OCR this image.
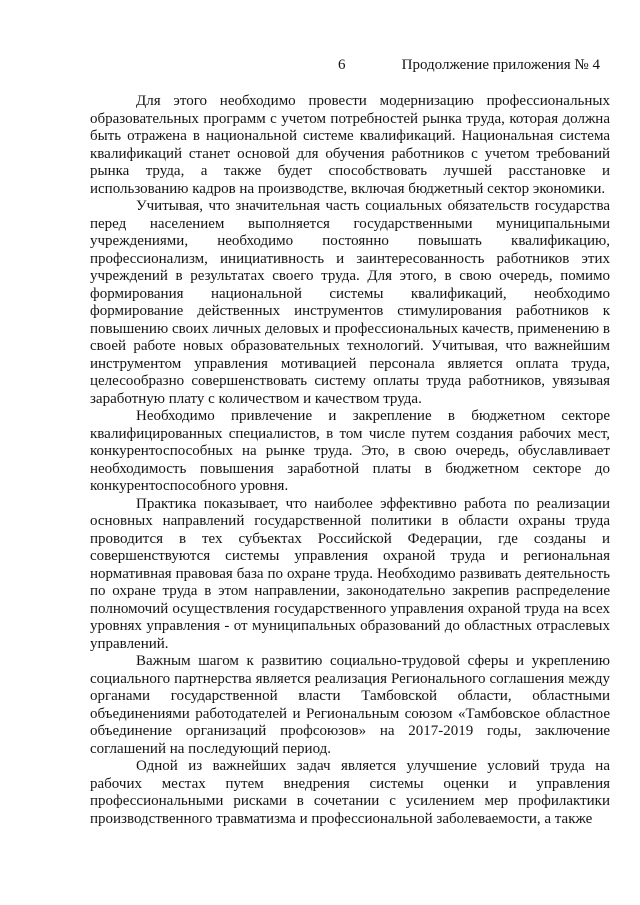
6	Продолжение приложения № 4

Для этого необходимо провести модернизацию профессиональных образовательных программ с учетом потребностей рынка труда, которая должна быть отражена в национальной системе квалификаций. Национальная система квалификаций станет основой для обучения работников с учетом требований рынка труда, а также будет способствовать лучшей расстановке и использованию кадров на производстве, включая бюджетный сектор экономики.

Учитывая, что значительная часть социальных обязательств государства перед населением выполняется государственными муниципальными учреждениями, необходимо постоянно повышать квалификацию, профессионализм, инициативность и заинтересованность работников этих учреждений в результатах своего труда. Для этого, в свою очередь, помимо формирования национальной системы квалификаций, необходимо формирование действенных инструментов стимулирования работников к повышению своих личных деловых и профессиональных качеств, применению в своей работе новых образовательных технологий. Учитывая, что важнейшим инструментом управления мотивацией персонала является оплата труда, целесообразно совершенствовать систему оплаты труда работников, увязывая заработную плату с количеством и качеством труда.

Необходимо привлечение и закрепление в бюджетном секторе квалифицированных специалистов, в том числе путем создания рабочих мест, конкурентоспособных на рынке труда. Это, в свою очередь, обуславливает необходимость повышения заработной платы в бюджетном секторе до конкурентоспособного уровня.

Практика показывает, что наиболее эффективно работа по реализации основных направлений государственной политики в области охраны труда проводится в тех субъектах Российской Федерации, где созданы и совершенствуются системы управления охраной труда и региональная нормативная правовая база по охране труда. Необходимо развивать деятельность по охране труда в этом направлении, законодательно закрепив распределение полномочий осуществления государственного управления охраной труда на всех уровнях управления - от муниципальных образований до областных отраслевых управлений.

Важным шагом к развитию социально-трудовой сферы и укреплению социального партнерства является реализация Регионального соглашения между органами государственной власти Тамбовской области, областными объединениями работодателей и Региональным союзом «Тамбовское областное объединение организаций профсоюзов» на 2017-2019 годы, заключение соглашений на последующий период.

Одной из важнейших задач является улучшение условий труда на рабочих местах путем внедрения системы оценки и управления профессиональными рисками в сочетании с усилением мер профилактики производственного травматизма и профессиональной заболеваемости, а также
